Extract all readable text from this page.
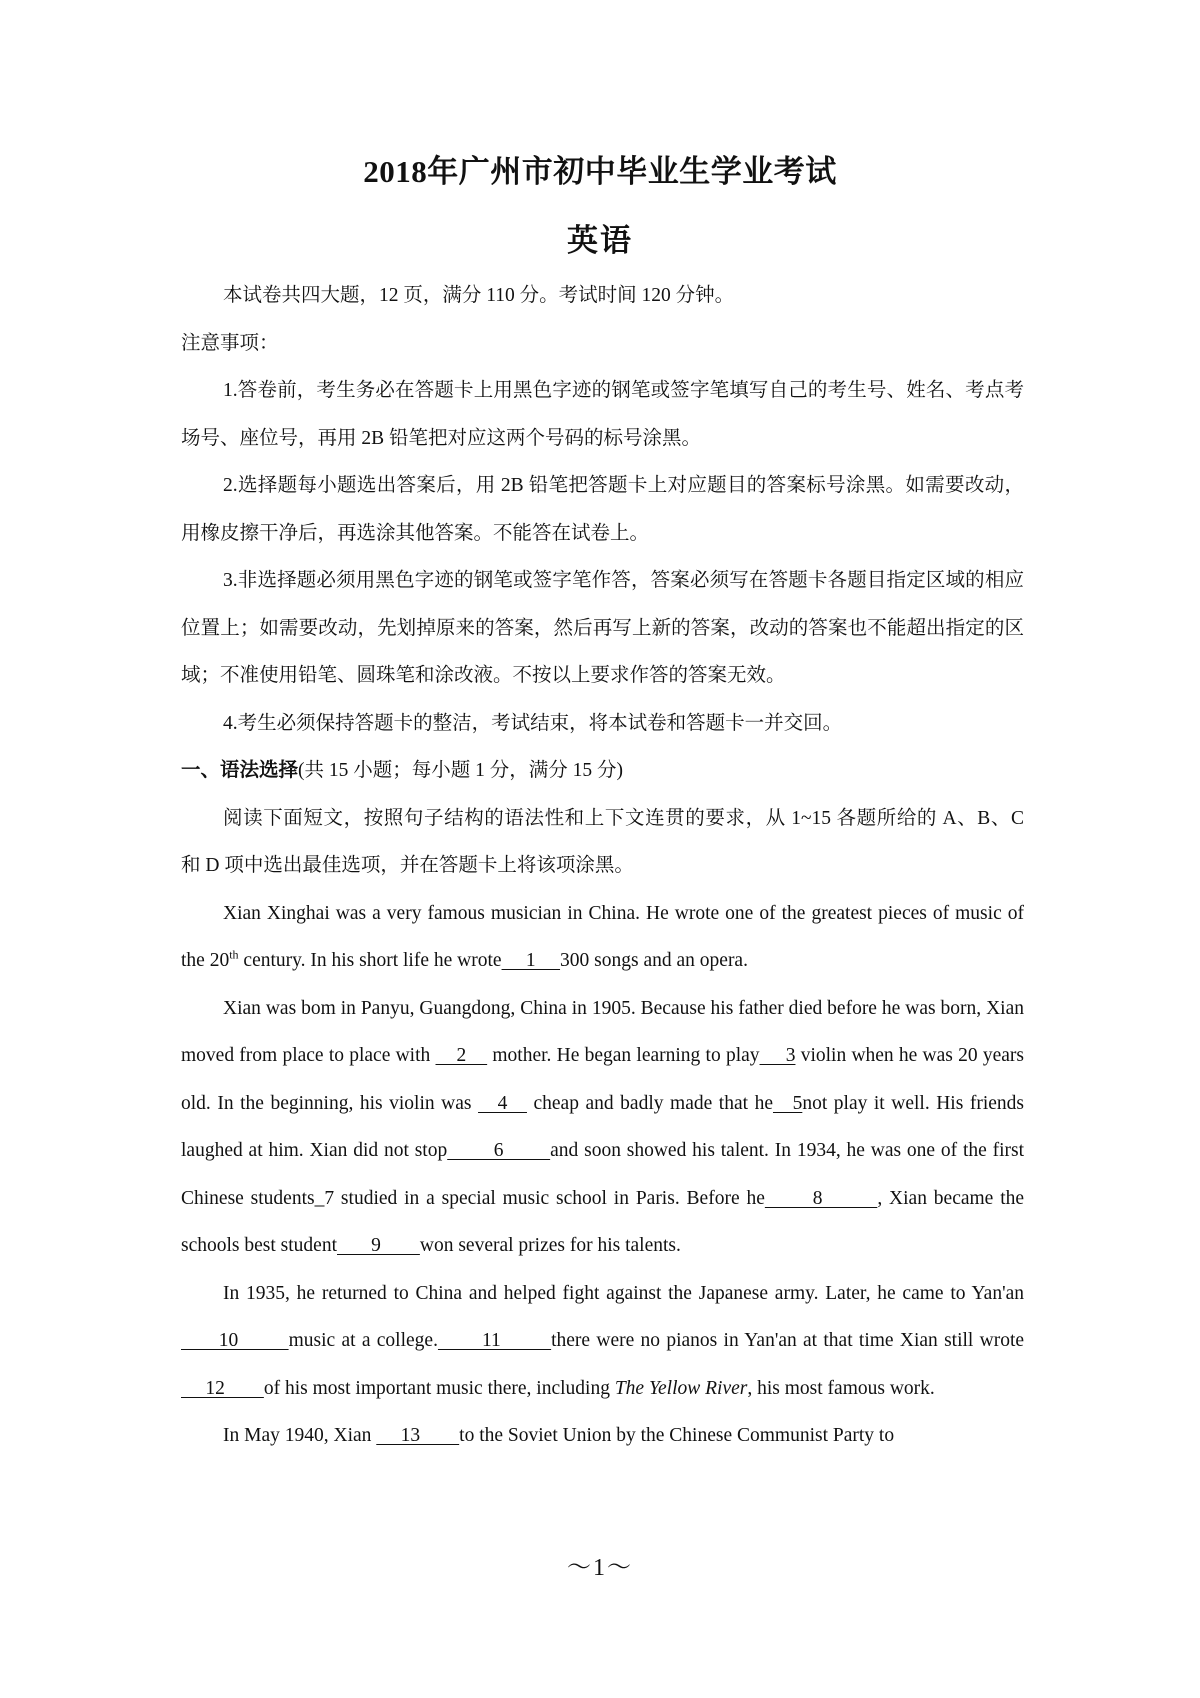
2018年广州市初中毕业生学业考试
英语

本试卷共四大题，12 页，满分 110 分。考试时间 120 分钟。

注意事项：

1.答卷前，考生务必在答题卡上用黑色字迹的钢笔或签字笔填写自己的考生号、姓名、考点考场号、座位号，再用 2B 铅笔把对应这两个号码的标号涂黑。

2.选择题每小题选出答案后，用 2B 铅笔把答题卡上对应题目的答案标号涂黑。如需要改动，用橡皮擦干净后，再选涂其他答案。不能答在试卷上。

3.非选择题必须用黑色字迹的钢笔或签字笔作答，答案必须写在答题卡各题目指定区域的相应位置上；如需要改动，先划掉原来的答案，然后再写上新的答案，改动的答案也不能超出指定的区域；不准使用铅笔、圆珠笔和涂改液。不按以上要求作答的答案无效。

4.考生必须保持答题卡的整洁，考试结束，将本试卷和答题卡一并交回。

一、语法选择(共 15 小题；每小题 1 分，满分 15 分)

阅读下面短文，按照句子结构的语法性和上下文连贯的要求，从 1~15 各题所给的 A、B、C 和 D 项中选出最佳选项，并在答题卡上将该项涂黑。

Xian Xinghai was a very famous musician in China. He wrote one of the greatest pieces of music of the 20th century. In his short life he wrote     1     300 songs and an opera.

Xian was bom in Panyu, Guangdong, China in 1905. Because his father died before he was born, Xian moved from place to place with     2     mother. He began learning to play     3 violin when he was 20 years old. In the beginning, his violin was    4    cheap and badly made that he   5not play it well. His friends laughed at him. Xian did not stop        6        and soon showed his talent. In 1934, he was one of the first Chinese students_7 studied in a special music school in Paris. Before he       8        , Xian became the schools best student       9        won several prizes for his talents.

In 1935, he returned to China and helped fight against the Japanese army. Later, he came to Yan'an      10        music at a college.       11        there were no pianos in Yan'an at that time Xian still wrote      12        of his most important music there, including The Yellow River, his most famous work.

In May 1940, Xian      13        to the Soviet Union by the Chinese Communist Party to

～1～
